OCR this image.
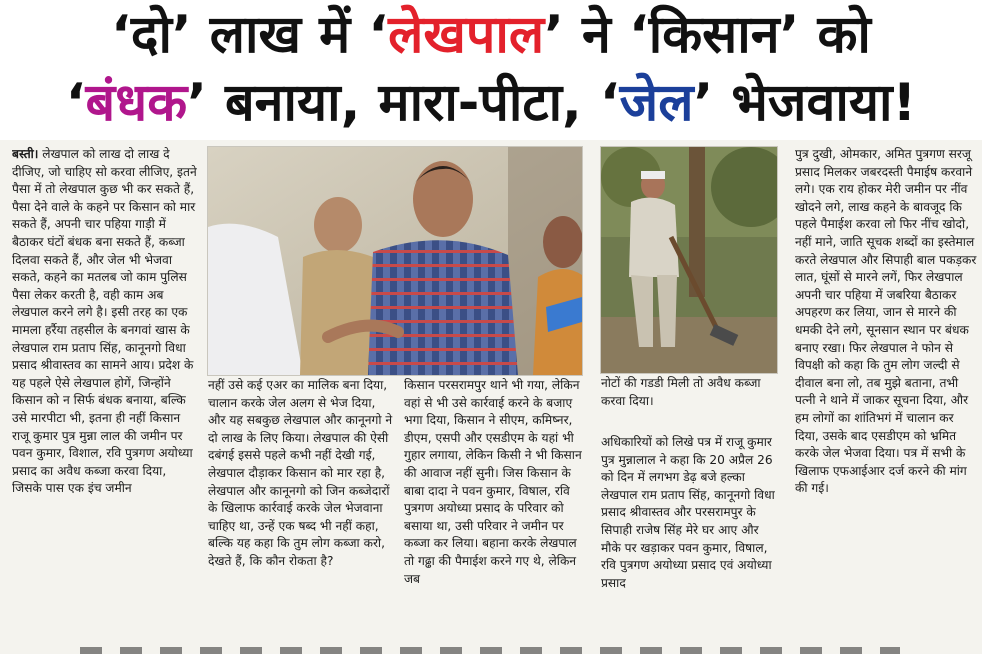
‘दो’ लाख में ‘लेखपाल’ ने ‘किसान’ को
‘बंधक’ बनाया, मारा-पीटा, ‘जेल’ भेजवाया!

बस्ती। लेखपाल को लाख दो लाख दे दीजिए, जो चाहिए सो करवा लीजिए, इतने पैसा में तो लेखपाल कुछ भी कर सकते हैं, पैसा देने वाले के कहने पर किसान को मार सकते हैं, अपनी चार पहिया गाड़ी में बैठाकर घंटों बंधक बना सकते हैं, कब्जा दिलवा सकते हैं, और जेल भी भेजवा सकते, कहने का मतलब जो काम पुलिस पैसा लेकर करती है, वही काम अब लेखपाल करने लगे है। इसी तरह का एक मामला हर्रैया तहसील के बनगवां खास के लेखपाल राम प्रताप सिंह, कानूनगो विधा प्रसाद श्रीवास्तव का सामने आय। प्रदेश के यह पहले ऐसे लेखपाल होगें, जिन्होंने किसान को न सिर्फ बंधक बनाया, बल्कि उसे मारपीटा भी, इतना ही नहीं किसान राजू कुमार पुत्र मुन्ना लाल की जमीन पर पवन कुमार, विशाल, रवि पुत्रगण अयोध्या प्रसाद का अवैध कब्जा करवा दिया, जिसके पास एक इंच जमीन

नहीं उसे कई एअर का मालिक बना दिया, चालान करके जेल अलग से भेज दिया, और यह सबकुछ लेखपाल और कानूनगो ने दो लाख के लिए किया। लेखपाल की ऐसी दबंगई इससे पहले कभी नहीं देखी गई, लेखपाल दौड़ाकर किसान को मार रहा है, लेखपाल और कानूनगो को जिन कब्जेदारों के खिलाफ कार्रवाई करके जेल भेजवाना चाहिए था, उन्हें एक षब्द भी नहीं कहा, बल्कि यह कहा कि तुम लोग कब्जा करो, देखते हैं, कि कौन रोकता है?

किसान परसरामपुर थाने भी गया, लेकिन वहां से भी उसे कार्रवाई करने के बजाए भगा दिया, किसान ने सीएम, कमिष्नर, डीएम, एसपी और एसडीएम के यहां भी गुहार लगाया, लेकिन किसी ने भी किसान की आवाज नहीं सुनी। जिस किसान के बाबा दादा ने पवन कुमार, विषाल, रवि पुत्रगण अयोध्या प्रसाद के परिवार को बसाया था, उसी परिवार ने जमीन पर कब्जा कर लिया। बहाना करके लेखपाल तो गढ्ढा की पैमाईश करने गए थे, लेकिन जब

नोटों की गडडी मिली तो अवैध कब्जा करवा दिया।

अधिकारियों को लिखे पत्र में राजू कुमार पुत्र मुन्नालाल ने कहा कि 20 अप्रैल 26 को दिन में लगभग डेढ़ बजे हल्का लेखपाल राम प्रताप सिंह, कानूनगो विधा प्रसाद श्रीवास्तव और परसरामपुर के सिपाही राजेष सिंह मेरे घर आए और मौके पर खड़ाकर पवन कुमार, विषाल, रवि पुत्रगण अयोध्या प्रसाद एवं अयोध्या प्रसाद

पुत्र दुखी, ओमकार, अमित पुत्रगण सरजू प्रसाद मिलकर जबरदस्ती पैमाईष करवाने लगे। एक राय होकर मेरी जमीन पर नींव खोदने लगे, लाख कहने के बावजूद कि पहले पैमाईश करवा लो फिर नींच खोदो, नहीं माने, जाति सूचक शब्दों का इस्तेमाल करते लेखपाल और सिपाही बाल पकड़कर लात, घूंसों से मारने लगें, फिर लेखपाल अपनी चार पहिया में जबरिया बैठाकर अपहरण कर लिया, जान से मारने की धमकी देने लगे, सूनसान स्थान पर बंधक बनाए रखा। फिर लेखपाल ने फोन से विपक्षी को कहा कि तुम लोग जल्दी से दीवाल बना लो, तब मुझे बताना, तभी पत्नी ने थाने में जाकर सूचना दिया, और हम लोगों का शांतिभगं में चालान कर दिया, उसके बाद एसडीएम को भ्रमित करके जेल भेजवा दिया। पत्र में सभी के खिलाफ एफआईआर दर्ज करने की मांग की गई।
